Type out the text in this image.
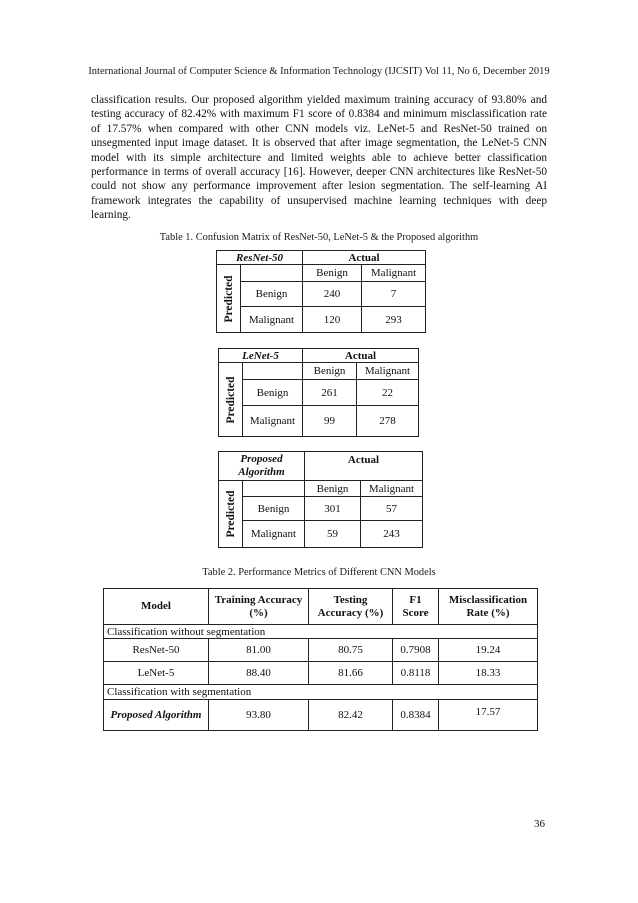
International Journal of Computer Science & Information Technology (IJCSIT) Vol 11, No 6, December 2019

classification results. Our proposed algorithm yielded maximum training accuracy of 93.80% and testing accuracy of 82.42% with maximum F1 score of 0.8384 and minimum misclassification rate of 17.57% when compared with other CNN models viz. LeNet-5 and ResNet-50 trained on unsegmented input image dataset. It is observed that after image segmentation, the LeNet-5 CNN model with its simple architecture and limited weights able to achieve better classification performance in terms of overall accuracy [16]. However, deeper CNN architectures like ResNet-50 could not show any performance improvement after lesion segmentation. The self-learning AI framework integrates the capability of unsupervised machine learning techniques with deep learning.

Table 1. Confusion Matrix of ResNet-50, LeNet-5 & the Proposed algorithm

ResNet-50		Actual	

Predicted		Benign	Malignant
	Benign	240	7
	Malignant	120	293
LeNet-5		Actual	

Predicted		Benign	Malignant
	Benign	261	22
	Malignant	99	278
Proposed Algorithm		Actual	

Predicted		Benign	Malignant
	Benign	301	57
	Malignant	59	243

Table 2. Performance Metrics of Different CNN Models

Model	Training Accuracy (%)	Testing Accuracy (%)	F1 Score	Misclassification Rate (%)
Classification without segmentation				
ResNet-50	81.00	80.75	0.7908	19.24
LeNet-5	88.40	81.66	0.8118	18.33
Classification with segmentation				
Proposed Algorithm	93.80	82.42	0.8384	17.57
36
